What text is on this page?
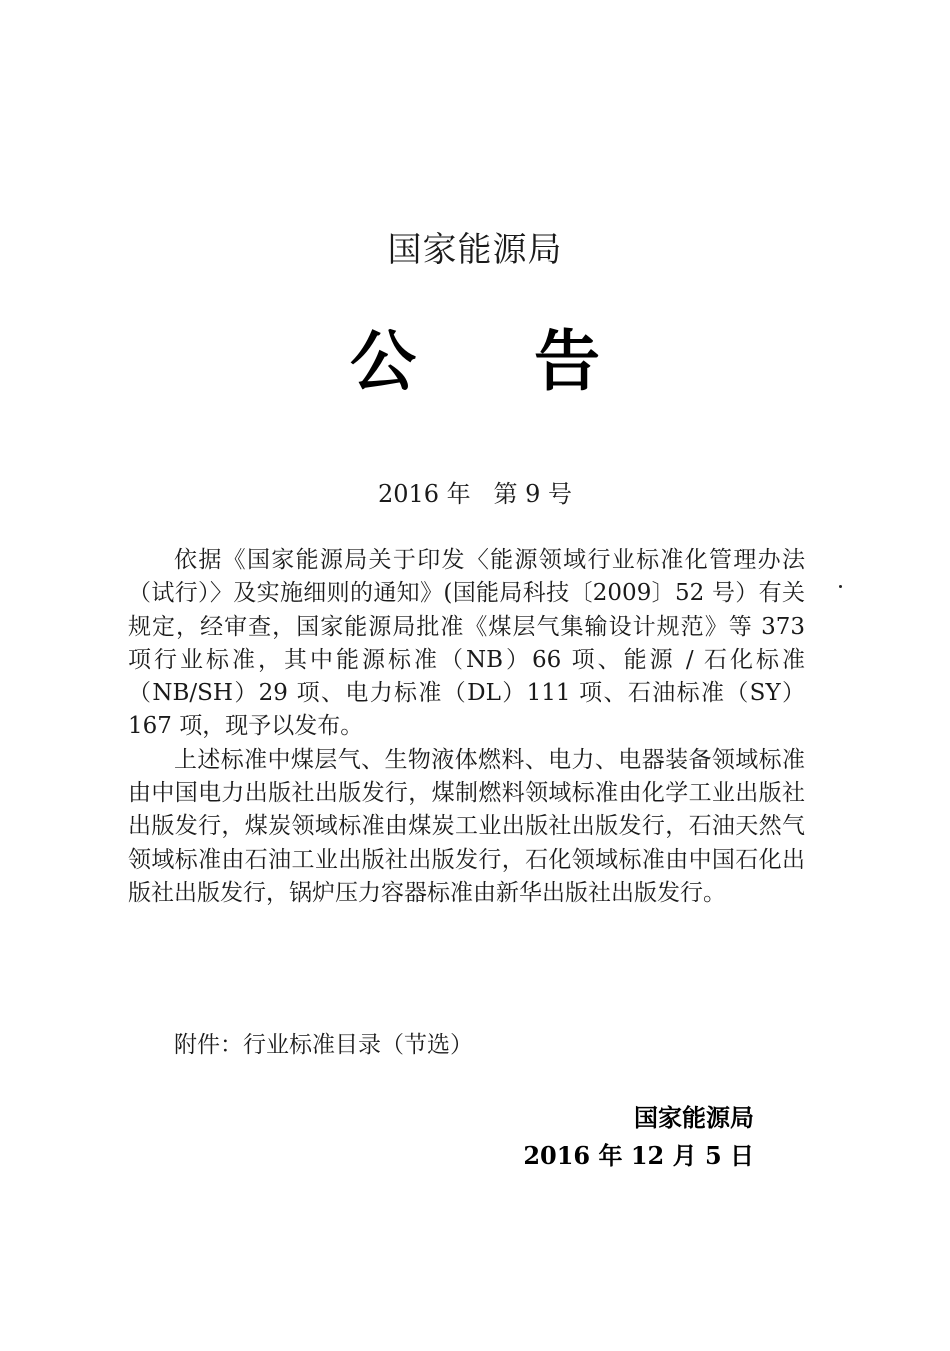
国家能源局
公告
2016 年   第 9 号

依据《国家能源局关于印发〈能源领域行业标准化管理办法（试行）〉及实施细则的通知》(国能局科技〔2009〕52 号）有关规定，经审查，国家能源局批准《煤层气集输设计规范》等 373 项行业标准，其中能源标准（NB）66 项、能源 / 石化标准（NB/SH）29 项、电力标准（DL）111 项、石油标准（SY）167 项，现予以发布。

上述标准中煤层气、生物液体燃料、电力、电器装备领域标准由中国电力出版社出版发行，煤制燃料领域标准由化学工业出版社出版发行，煤炭领域标准由煤炭工业出版社出版发行，石油天然气领域标准由石油工业出版社出版发行，石化领域标准由中国石化出版社出版发行，锅炉压力容器标准由新华出版社出版发行。

附件：行业标准目录（节选）
国家能源局
2016 年 12 月 5 日
